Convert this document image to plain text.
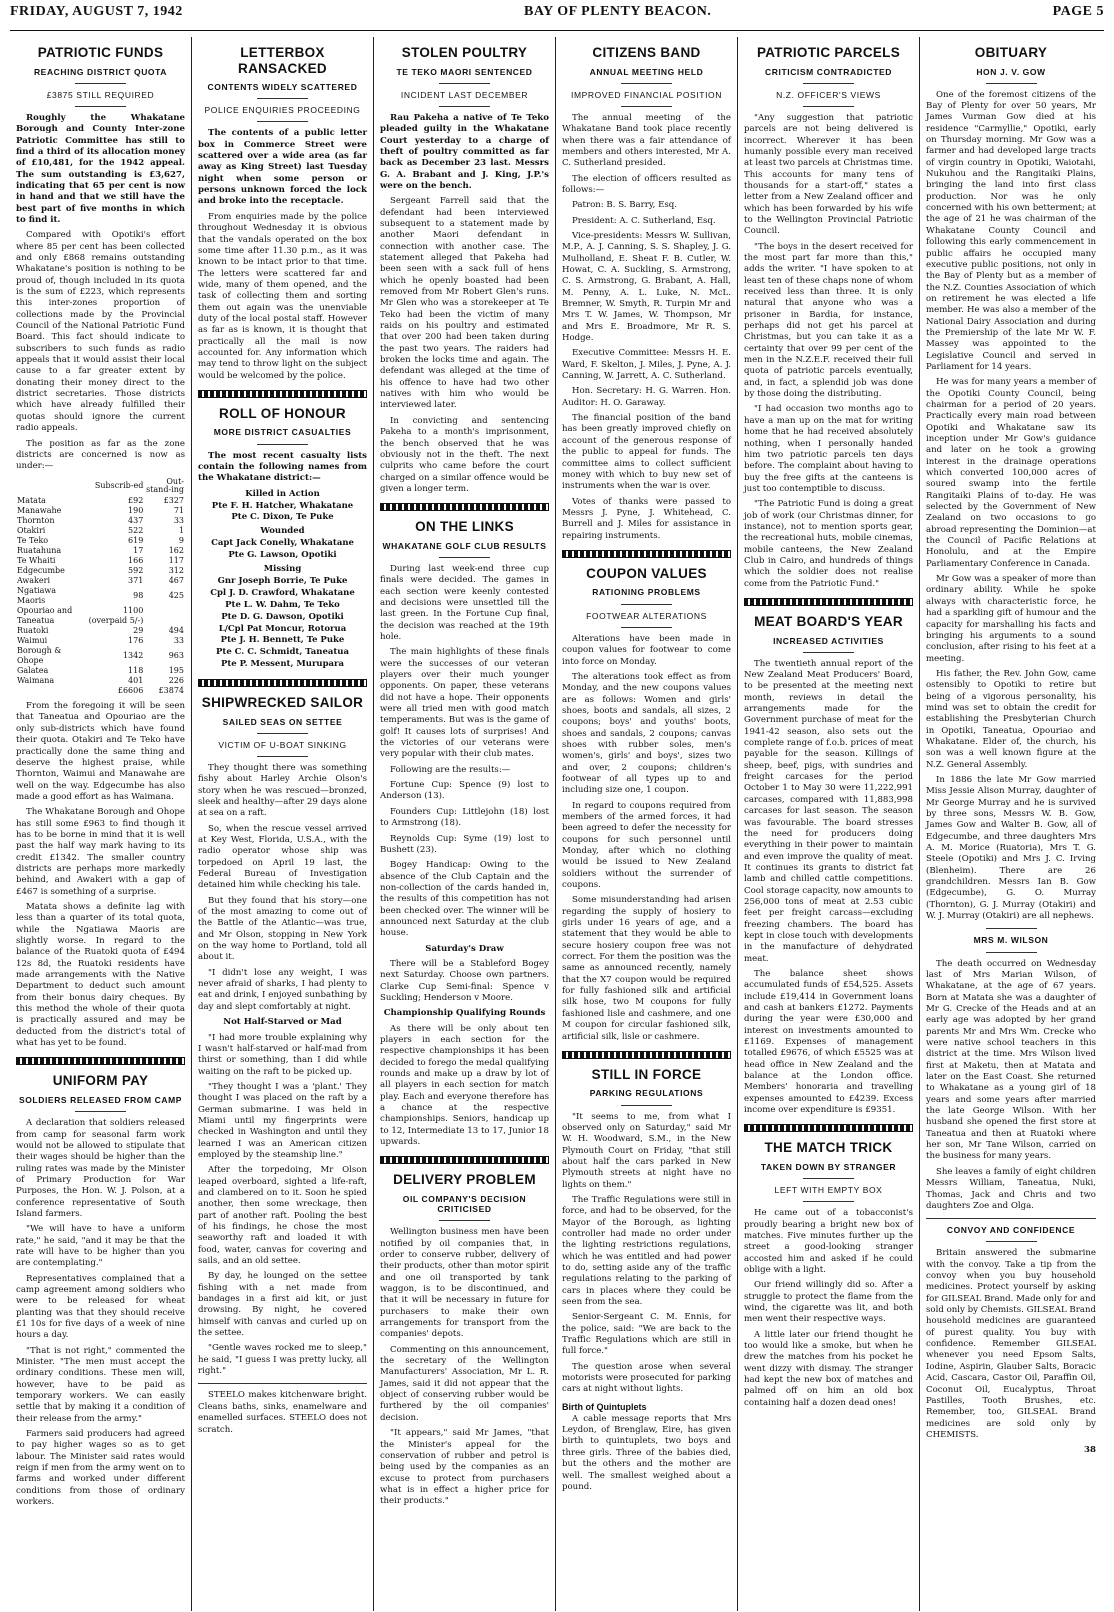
FRIDAY, AUGUST 7, 1942	BAY OF PLENTY BEACON.	PAGE 5
PATRIOTIC FUNDS
REACHING DISTRICT QUOTA
£3875 STILL REQUIRED

Roughly the Whakatane Borough and County Inter-zone Patriotic Committee has still to find a third of its allocation money of £10,481, for the 1942 appeal. The sum outstanding is £3,627, indicating that 65 per cent is now in hand and that we still have the best part of five months in which to find it.

Compared with Opotiki's effort where 85 per cent has been collected and only £868 remains outstanding Whakatane's position is nothing to be proud of, though included in its quota is the sum of £223, which represents this inter-zones proportion of collections made by the Provincial Council of the National Patriotic Fund Board. This fact should indicate to subscribers to such funds as radio appeals that it would assist their local cause to a far greater extent by donating their money direct to the district secretaries. Those districts which have already fulfilled their quotas should ignore the current radio appeals.

The position as far as the zone districts are concerned is now as under:—

	Subscrib-ed	Out-stand-ing
Matata	£92	£327
Manawahe	190	71
Thornton	437	33
Otakiri	522	1
Te Teko	619	9
Ruatahuna	17	162
Te Whaiti	166	117
Edgecumbe	592	312
Awakeri	371	467
Ngatiawa Maoris	98	425
Opouriao and Taneatua	1100 (overpaid 5/-)	
Ruatoki	29	494
Waimui	176	33
Borough & Ohope	1342	963
Galatea	118	195
Waimana	401	226
	£6606	£3874

From the foregoing it will be seen that Taneatua and Opouriao are the only sub-districts which have found their quota. Otakiri and Te Teko have practically done the same thing and deserve the highest praise, while Thornton, Waimui and Manawahe are well on the way. Edgecumbe has also made a good effort as has Waimana.

The Whakatane Borough and Ohope has still some £963 to find though it has to be borne in mind that it is well past the half way mark having to its credit £1342. The smaller country districts are perhaps more markedly behind, and Awakeri with a gap of £467 is something of a surprise.

Matata shows a definite lag with less than a quarter of its total quota, while the Ngatiawa Maoris are slightly worse. In regard to the balance of the Ruatoki quota of £494 12s 8d, the Ruatoki residents have made arrangements with the Native Department to deduct such amount from their bonus dairy cheques. By this method the whole of their quota is practically assured and may be deducted from the district's total of what has yet to be found.

UNIFORM PAY
SOLDIERS RELEASED FROM CAMP

A declaration that soldiers released from camp for seasonal farm work would not be allowed to stipulate that their wages should be higher than the ruling rates was made by the Minister of Primary Production for War Purposes, the Hon. W. J. Polson, at a conference representative of South Island farmers.

"We will have to have a uniform rate," he said, "and it may be that the rate will have to be higher than you are contemplating."

Representatives complained that a camp agreement among soldiers who were to be released for wheat planting was that they should receive £1 10s for five days of a week of nine hours a day.

"That is not right," commented the Minister. "The men must accept the ordinary conditions. These men will, however, have to be paid as temporary workers. We can easily settle that by making it a condition of their release from the army."

Farmers said producers had agreed to pay higher wages so as to get labour. The Minister said rates would reign if men from the army went on to farms and worked under different conditions from those of ordinary workers.

LETTERBOX RANSACKED
CONTENTS WIDELY SCATTERED
POLICE ENQUIRIES PROCEEDING

The contents of a public letter box in Commerce Street were scattered over a wide area (as far away as King Street) last Tuesday night when some person or persons unknown forced the lock and broke into the receptacle.

From enquiries made by the police throughout Wednesday it is obvious that the vandals operated on the box some time after 11.30 p.m., as it was known to be intact prior to that time. The letters were scattered far and wide, many of them opened, and the task of collecting them and sorting them out again was the unenviable duty of the local postal staff. However as far as is known, it is thought that practically all the mail is now accounted for. Any information which may tend to throw light on the subject would be welcomed by the police.

ROLL OF HONOUR
MORE DISTRICT CASUALTIES

The most recent casualty lists contain the following names from the Whakatane district:—

Killed in Action
Pte F. H. Hatcher, Whakatane
Pte C. Dixon, Te Puke
Wounded
Capt Jack Conelly, Whakatane
Pte G. Lawson, Opotiki
Missing
Gnr Joseph Borrie, Te Puke
Cpl J. D. Crawford, Whakatane
Pte L. W. Dahm, Te Teko
Pte D. G. Dawson, Opotiki
L/Cpl Pat Moncur, Rotorua
Pte J. H. Bennett, Te Puke
Pte C. C. Schmidt, Taneatua
Pte P. Messent, Murupara
SHIPWRECKED SAILOR
SAILED SEAS ON SETTEE
VICTIM OF U-BOAT SINKING

They thought there was something fishy about Harley Archie Olson's story when he was rescued—bronzed, sleek and healthy—after 29 days alone at sea on a raft.

So, when the rescue vessel arrived at Key West, Florida, U.S.A., with the radio operator whose ship was torpedoed on April 19 last, the Federal Bureau of Investigation detained him while checking his tale.

But they found that his story—one of the most amazing to come out of the Battle of the Atlantic—was true, and Mr Olson, stopping in New York on the way home to Portland, told all about it.

"I didn't lose any weight, I was never afraid of sharks, I had plenty to eat and drink, I enjoyed sunbathing by day and slept comfortably at night.

Not Half-Starved or Mad

"I had more trouble explaining why I wasn't half-starved or half-mad from thirst or something, than I did while waiting on the raft to be picked up.

"They thought I was a 'plant.' They thought I was placed on the raft by a German submarine. I was held in Miami until my fingerprints were checked in Washington and until they learned I was an American citizen employed by the steamship line."

After the torpedoing, Mr Olson leaped overboard, sighted a life-raft, and clambered on to it. Soon he spied another, then some wreckage, then part of another raft. Pooling the best of his findings, he chose the most seaworthy raft and loaded it with food, water, canvas for covering and sails, and an old settee.

By day, he lounged on the settee fishing with a net made from bandages in a first aid kit, or just drowsing. By night, he covered himself with canvas and curled up on the settee.

"Gentle waves rocked me to sleep," he said, "I guess I was pretty lucky, all right."

STEELO makes kitchenware bright. Cleans baths, sinks, enamelware and enamelled surfaces. STEELO does not scratch.

STOLEN POULTRY
TE TEKO MAORI SENTENCED
INCIDENT LAST DECEMBER

Rau Pakeha a native of Te Teko pleaded guilty in the Whakatane Court yesterday to a charge of theft of poultry committed as far back as December 23 last. Messrs G. A. Brabant and J. King, J.P.'s were on the bench.

Sergeant Farrell said that the defendant had been interviewed subsequent to a statement made by another Maori defendant in connection with another case. The statement alleged that Pakeha had been seen with a sack full of hens which he openly boasted had been removed from Mr Robert Glen's runs. Mr Glen who was a storekeeper at Te Teko had been the victim of many raids on his poultry and estimated that over 200 had been taken during the past two years. The raiders had broken the locks time and again. The defendant was alleged at the time of his offence to have had two other natives with him who would be interviewed later.

In convicting and sentencing Pakeha to a month's imprisonment, the bench observed that he was obviously not in the theft. The next culprits who came before the court charged on a similar offence would be given a longer term.

ON THE LINKS
WHAKATANE GOLF CLUB RESULTS

During last week-end three cup finals were decided. The games in each section were keenly contested and decisions were unsettled till the last green. In the Fortune Cup final, the decision was reached at the 19th hole.

The main highlights of these finals were the successes of our veteran players over their much younger opponents. On paper, these veterans did not have a hope. Their opponents were all tried men with good match temperaments. But was is the game of golf! It causes lots of surprises! And the victories of our veterans were very popular with their club mates.

Following are the results:—

Fortune Cup: Spence (9) lost to Anderson (13).

Founders Cup: Littlejohn (18) lost to Armstrong (18).

Reynolds Cup: Syme (19) lost to Bushett (23).

Bogey Handicap: Owing to the absence of the Club Captain and the non-collection of the cards handed in, the results of this competition has not been checked over. The winner will be announced next Saturday at the club house.

Saturday's Draw

There will be a Stableford Bogey next Saturday. Choose own partners. Clarke Cup Semi-final: Spence v Suckling; Henderson v Moore.

Championship Qualifying Rounds

As there will be only about ten players in each section for the respective championships it has been decided to forego the medal qualifying rounds and make up a draw by lot of all players in each section for match play. Each and everyone therefore has a chance at the respective championships. Seniors, handicap up to 12, Intermediate 13 to 17, Junior 18 upwards.

DELIVERY PROBLEM
OIL COMPANY'S DECISION CRITICISED

Wellington business men have been notified by oil companies that, in order to conserve rubber, delivery of their products, other than motor spirit and one oil transported by tank waggon, is to be discontinued, and that it will be necessary in future for purchasers to make their own arrangements for transport from the companies' depots.

Commenting on this announcement, the secretary of the Wellington Manufacturers' Association, Mr L. R. James, said it did not appear that the object of conserving rubber would be furthered by the oil companies' decision.

"It appears," said Mr James, "that the Minister's appeal for the conservation of rubber and petrol is being used by the companies as an excuse to protect from purchasers what is in effect a higher price for their products."

CITIZENS BAND
ANNUAL MEETING HELD
IMPROVED FINANCIAL POSITION

The annual meeting of the Whakatane Band took place recently when there was a fair attendance of members and others interested, Mr A. C. Sutherland presided.

The election of officers resulted as follows:—

Patron: B. S. Barry, Esq.

President: A. C. Sutherland, Esq.

Vice-presidents: Messrs W. Sullivan, M.P., A. J. Canning, S. S. Shapley, J. G. Mulholland, E. Sheat F. B. Cutler, W. Howat, C. A. Suckling, S. Armstrong, C. S. Armstrong, G. Brabant, A. Hall, M. Penny, A. L. Luke, N. McL. Bremner, W. Smyth, R. Turpin Mr and Mrs T. W. James, W. Thompson, Mr and Mrs E. Broadmore, Mr R. S. Hodge.

Executive Committee: Messrs H. E. Ward, F. Skelton, J. Miles, J. Pyne, A. J. Canning, W. Jarrett, A. C. Sutherland.

Hon. Secretary: H. G. Warren. Hon. Auditor: H. O. Garaway.

The financial position of the band has been greatly improved chiefly on account of the generous response of the public to appeal for funds. The committee aims to collect sufficient money with which to buy new set of instruments when the war is over.

Votes of thanks were passed to Messrs J. Pyne, J. Whitehead, C. Burrell and J. Miles for assistance in repairing instruments.

COUPON VALUES
RATIONING PROBLEMS
FOOTWEAR ALTERATIONS

Alterations have been made in coupon values for footwear to come into force on Monday.

The alterations took effect as from Monday, and the new coupons values are as follows: Women and girls' shoes, boots and sandals, all sizes, 2 coupons; boys' and youths' boots, shoes and sandals, 2 coupons; canvas shoes with rubber soles, men's women's, girls' and boys', sizes two and over, 2 coupons; children's footwear of all types up to and including size one, 1 coupon.

In regard to coupons required from members of the armed forces, it had been agreed to defer the necessity for coupons for such personnel until Monday, after which no clothing would be issued to New Zealand soldiers without the surrender of coupons.

Some misunderstanding had arisen regarding the supply of hosiery to girls under 16 years of age, and a statement that they would be able to secure hosiery coupon free was not correct. For them the position was the same as announced recently, namely that the X7 coupon would be required for fully fashioned silk and artificial silk hose, two M coupons for fully fashioned lisle and cashmere, and one M coupon for circular fashioned silk, artificial silk, lisle or cashmere.

STILL IN FORCE
PARKING REGULATIONS

"It seems to me, from what I observed only on Saturday," said Mr W. H. Woodward, S.M., in the New Plymouth Court on Friday, "that still about half the cars parked in New Plymouth streets at night have no lights on them."

The Traffic Regulations were still in force, and had to be observed, for the Mayor of the Borough, as lighting controller had made no order under the lighting restrictions regulations, which he was entitled and had power to do, setting aside any of the traffic regulations relating to the parking of cars in places where they could be seen from the sea.

Senior-Sergeant C. M. Ennis, for the police, said: "We are back to the Traffic Regulations which are still in full force."

The question arose when several motorists were prosecuted for parking cars at night without lights.

Birth of Quintuplets

A cable message reports that Mrs Leydon, of Brenglaw, Eire, has given birth to quintuplets, two boys and three girls. Three of the babies died, but the others and the mother are well. The smallest weighed about a pound.

PATRIOTIC PARCELS
CRITICISM CONTRADICTED
N.Z. OFFICER'S VIEWS

"Any suggestion that patriotic parcels are not being delivered is incorrect. Wherever it has been humanly possible every man received at least two parcels at Christmas time. This accounts for many tens of thousands for a start-off," states a letter from a New Zealand officer and which has been forwarded by his wife to the Wellington Provincial Patriotic Council.

"The boys in the desert received for the most part far more than this," adds the writer. "I have spoken to at least ten of these chaps none of whom received less than three. It is only natural that anyone who was a prisoner in Bardia, for instance, perhaps did not get his parcel at Christmas, but you can take it as a certainty that over 99 per cent of the men in the N.Z.E.F. received their full quota of patriotic parcels eventually, and, in fact, a splendid job was done by those doing the distributing.

"I had occasion two months ago to have a man up on the mat for writing home that he had received absolutely nothing, when I personally handed him two patriotic parcels ten days before. The complaint about having to buy the free gifts at the canteens is just too contemptible to discuss.

"The Patriotic Fund is doing a great job of work (our Christmas dinner, for instance), not to mention sports gear, the recreational huts, mobile cinemas, mobile canteens, the New Zealand Club in Cairo, and hundreds of things which the soldier does not realise come from the Patriotic Fund."

MEAT BOARD'S YEAR
INCREASED ACTIVITIES

The twentieth annual report of the New Zealand Meat Producers' Board, to be presented at the meeting next month, reviews in detail the arrangements made for the Government purchase of meat for the 1941-42 season, also sets out the complete range of f.o.b. prices of meat payable for the season. Killings of sheep, beef, pigs, with sundries and freight carcases for the period October 1 to May 30 were 11,222,991 carcases, compared with 11,883,998 carcases for last season. The season was favourable. The board stresses the need for producers doing everything in their power to maintain and even improve the quality of meat. It continues its grants to district fat lamb and chilled cattle competitions. Cool storage capacity, now amounts to 256,000 tons of meat at 2.53 cubic feet per freight carcass—excluding freezing chambers. The board has kept in close touch with developments in the manufacture of dehydrated meat.

The balance sheet shows accumulated funds of £54,525. Assets include £19,414 in Government loans and cash at bankers £1272. Payments during the year were £30,000 and interest on investments amounted to £1169. Expenses of management totalled £9676, of which £5525 was at head office in New Zealand and the balance at the London office. Members' honoraria and travelling expenses amounted to £4239. Excess income over expenditure is £9351.

THE MATCH TRICK
TAKEN DOWN BY STRANGER
LEFT WITH EMPTY BOX

He came out of a tobacconist's proudly bearing a bright new box of matches. Five minutes further up the street a good-looking stranger accosted him and asked if he could oblige with a light.

Our friend willingly did so. After a struggle to protect the flame from the wind, the cigarette was lit, and both men went their respective ways.

A little later our friend thought he too would like a smoke, but when he drew the matches from his pocket he went dizzy with dismay. The stranger had kept the new box of matches and palmed off on him an old box containing half a dozen dead ones!

OBITUARY
HON J. V. GOW

One of the foremost citizens of the Bay of Plenty for over 50 years, Mr James Vurman Gow died at his residence "Carmyllie," Opotiki, early on Thursday morning. Mr Gow was a farmer and had developed large tracts of virgin country in Opotiki, Waiotahi, Nukuhou and the Rangitaiki Plains, bringing the land into first class production. Nor was he only concerned with his own betterment; at the age of 21 he was chairman of the Whakatane County Council and following this early commencement in public affairs he occupied many executive public positions, not only in the Bay of Plenty but as a member of the N.Z. Counties Association of which on retirement he was elected a life member. He was also a member of the National Dairy Association and during the Premiership of the late Mr W. F. Massey was appointed to the Legislative Council and served in Parliament for 14 years.

He was for many years a member of the Opotiki County Council, being chairman for a period of 20 years. Practically every main road between Opotiki and Whakatane saw its inception under Mr Gow's guidance and later on he took a growing interest in the drainage operations which converted 100,000 acres of soured swamp into the fertile Rangitaiki Plains of to-day. He was selected by the Government of New Zealand on two occasions to go abroad representing the Dominion—at the Council of Pacific Relations at Honolulu, and at the Empire Parliamentary Conference in Canada.

Mr Gow was a speaker of more than ordinary ability. While he spoke always with characteristic force, he had a sparkling gift of humour and the capacity for marshalling his facts and bringing his arguments to a sound conclusion, after rising to his feet at a meeting.

His father, the Rev. John Gow, came ostensibly to Opotiki to retire but being of a vigorous personality, his mind was set to obtain the credit for establishing the Presbyterian Church in Opotiki, Taneatua, Opouriao and Whakatane. Elder of, the church, his son was a well known figure at the N.Z. General Assembly.

In 1886 the late Mr Gow married Miss Jessie Alison Murray, daughter of Mr George Murray and he is survived by three sons, Messrs W. B. Gow, James Gow and Walter B. Gow, all of Edgecumbe, and three daughters Mrs A. M. Morice (Ruatoria), Mrs T. G. Steele (Opotiki) and Mrs J. C. Irving (Blenheim). There are 26 grandchildren. Messrs Ian B. Gow (Edgecumbe), G. O. Murray (Thornton), G. J. Murray (Otakiri) and W. J. Murray (Otakiri) are all nephews.

MRS M. WILSON

The death occurred on Wednesday last of Mrs Marian Wilson, of Whakatane, at the age of 67 years. Born at Matata she was a daughter of Mr G. Crecke of the Heads and at an early age was adopted by her grand parents Mr and Mrs Wm. Crecke who were native school teachers in this district at the time. Mrs Wilson lived first at Maketu, then at Matata and later on the East Coast. She returned to Whakatane as a young girl of 18 years and some years after married the late George Wilson. With her husband she opened the first store at Taneatua and then at Ruatoki where her son, Mr Tane Wilson, carried on the business for many years.

She leaves a family of eight children Messrs William, Taneatua, Nuki, Thomas, Jack and Chris and two daughters Zoe and Olga.

CONVOY AND CONFIDENCE

Britain answered the submarine with the convoy. Take a tip from the convoy when you buy household medicines. Protect yourself by asking for GILSEAL Brand. Made only for and sold only by Chemists. GILSEAL Brand household medicines are guaranteed of purest quality. You buy with confidence. Remember GILSEAL whenever you need Epsom Salts, Iodine, Aspirin, Glauber Salts, Boracic Acid, Cascara, Castor Oil, Paraffin Oil, Coconut Oil, Eucalyptus, Throat Pastilles, Tooth Brushes, etc. Remember, too, GILSEAL Brand medicines are sold only by CHEMISTS.

38
